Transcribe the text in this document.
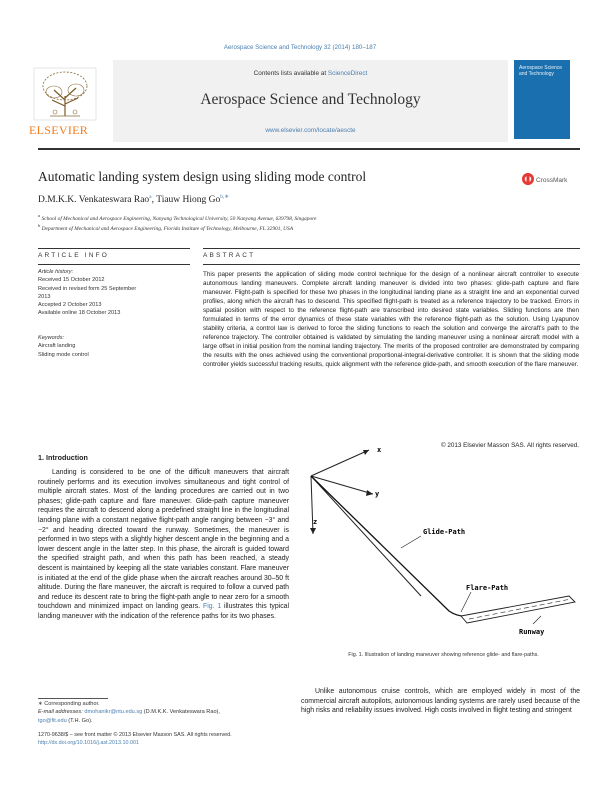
Aerospace Science and Technology 32 (2014) 180–187
ELSEVIER
Contents lists available at ScienceDirect
Aerospace Science and Technology
www.elsevier.com/locate/aescte
Aerospace Science and Technology
Automatic landing system design using sliding mode control	CrossMark
D.M.K.K. Venkateswara Rao$^a$, Tiauw Hiong $Go^{b,∗}$
$^a$ School of Mechanical and Aerospace Engineering, Nanyang Technological University, 50 Nanyang Avenue, 639798, Singapore
$^b$ Department of Mechanical and Aerospace Engineering, Florida Institute of Technology, Melbourne, FL 32901, USA
ARTICLE INFO	ABSTRACT
Article history:
Received 15 October 2012
Received in revised form 25 September
2013
Accepted 2 October 2013
Available online 18 October 2013
Keywords:
Aircraft landing
Sliding mode control
This paper presents the application of sliding mode control technique for the design of a nonlinear aircraft controller to execute autonomous landing maneuvers. Complete aircraft landing maneuver is divided into two phases: glide-path capture and flare maneuver. Flight-path is specified for these two phases in the longitudinal landing plane as a straight line and an exponential curved profiles, along which the aircraft has to descend. This specified flight-path is treated as a reference trajectory to be tracked. Errors in spatial position with respect to the reference flight-path are transcribed into desired state variables. Sliding functions are then formulated in terms of the error dynamics of these state variables with the reference flight-path as the solution. Using Lyapunov stability criteria, a control law is derived to force the sliding functions to reach the solution and converge the aircraft's path to the reference trajectory. The controller obtained is validated by simulating the landing maneuver using a nonlinear aircraft model with a large offset in initial position from the nominal landing trajectory. The merits of the proposed controller are demonstrated by comparing the results with the ones achieved using the conventional proportional-integral-derivative controller. It is shown that the sliding mode controller yields successful tracking results, quick alignment with the reference glide-path, and smooth execution of the flare maneuver.
© 2013 Elsevier Masson SAS. All rights reserved.
1. Introduction

Landing is considered to be one of the difficult maneuvers that aircraft routinely performs and its execution involves simultaneous and tight control of multiple aircraft states. Most of the landing procedures are carried out in two phases; glide-path capture and flare maneuver. Glide-path capture maneuver requires the aircraft to descend along a predefined straight line in the longitudinal landing plane with a constant negative flight-path angle ranging between −3° and −2° and heading directed toward the runway. Sometimes, the maneuver is performed in two steps with a slightly higher descent angle in the beginning and a lower descent angle in the latter step. In this phase, the aircraft is guided toward the specified straight path, and when this path has been reached, a steady descent is maintained by keeping all the state variables constant. Flare maneuver is initiated at the end of the glide phase when the aircraft reaches around 30–50 ft altitude. During the flare maneuver, the aircraft is required to follow a curved path and reduce its descent rate to bring the flight-path angle to near zero for a smooth touchdown and minimized impact on landing gears. Fig. 1 illustrates this typical landing maneuver with the indication of the reference paths for its two phases.

x
y
z
Glide-Path
Flare-Path
Runway
Fig. 1. Illustration of landing maneuver showing reference glide- and flare-paths.

Unlike autonomous cruise controls, which are employed widely in most of the commercial aircraft autopilots, autonomous landing systems are rarely used because of the high risks and reliability issues involved. High costs involved in flight testing and stringent

∗ Corresponding author.
E-mail addresses: dmohanikr@ntu.edu.sg (D.M.K.K. Venkateswara Rao),
tgo@fit.edu (T.H. Go).
1270-9638/$ – see front matter © 2013 Elsevier Masson SAS. All rights reserved.
http://dx.doi.org/10.1016/j.ast.2013.10.001
